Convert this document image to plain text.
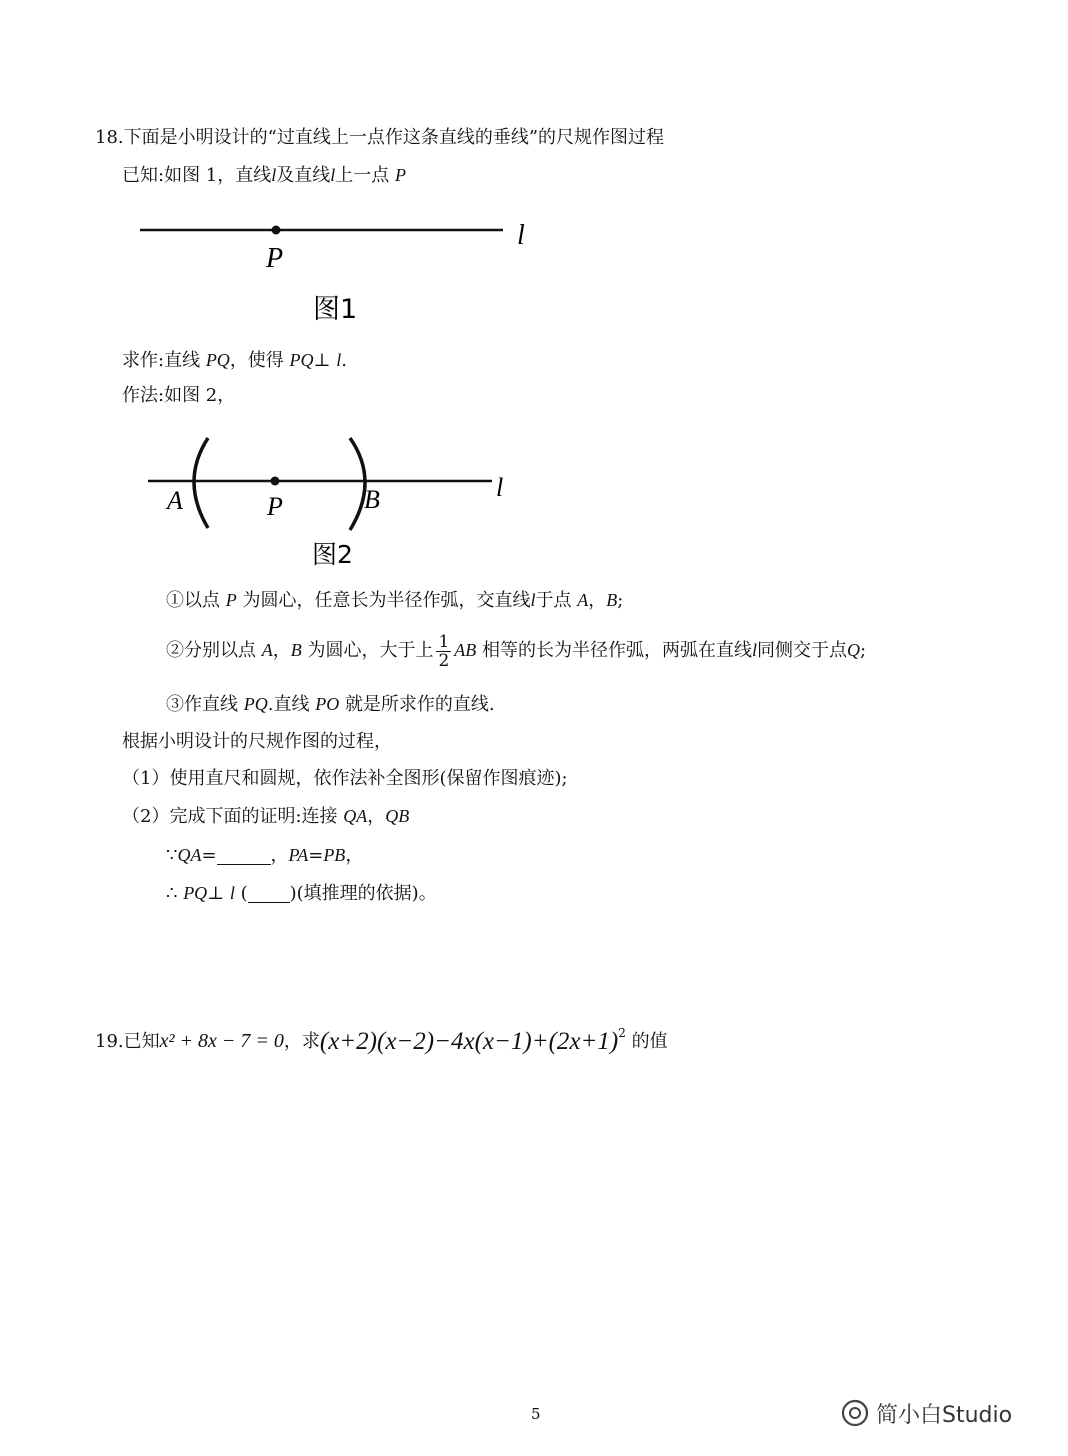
18.下面是小明设计的“过直线上一点作这条直线的垂线”的尺规作图过程
已知:如图 1，直线l及直线l上一点 P
l
P
图1
求作:直线 PQ，使得 PQ⊥ l.
作法:如图 2，
A	P	B	l
图2
①以点 P 为圆心，任意长为半径作弧，交直线l于点 A，B;
②分别以点 A，B 为圆心，大于上 $\frac{1}{2}$ AB 相等的长为半径作弧，两弧在直线l同侧交于点Q;
③作直线 PQ.直线 PO 就是所求作的直线.
根据小明设计的尺规作图的过程，
（1）使用直尺和圆规，依作法补全图形(保留作图痕迹);
（2）完成下面的证明:连接 QA，QB
∵QA=	，PA=PB，
∴ PQ⊥ l ( )(填推理的依据)。
19.已知x² + 8x − 7 = 0，求$(x+2)(x-2)-4x(x-1)+(2x+1)^2$ 的值
5	简小白Studio
